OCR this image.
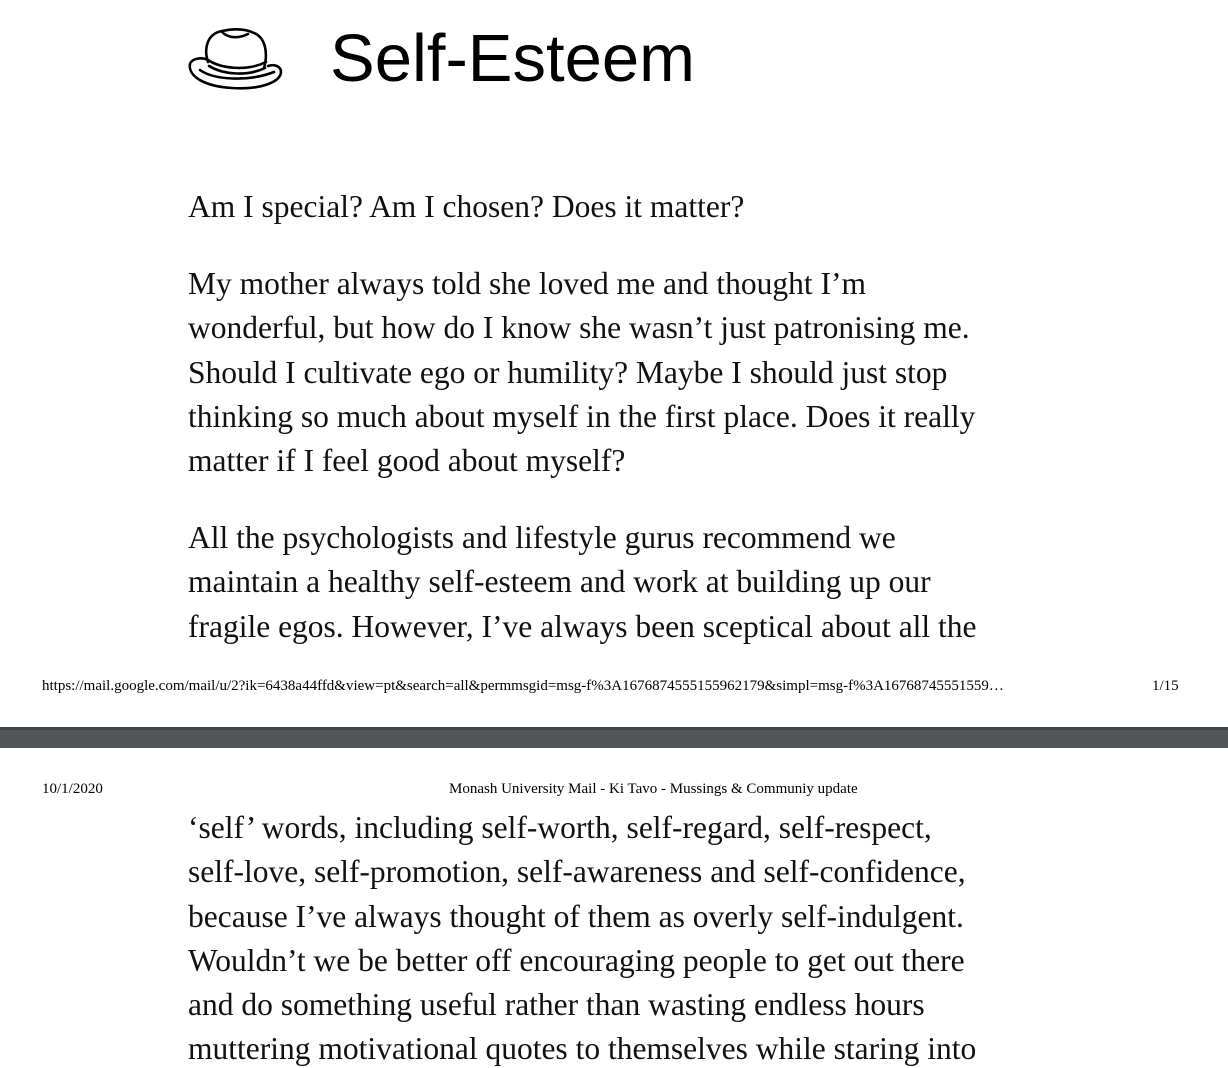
Self-Esteem

Am I special? Am I chosen? Does it matter?

My mother always told she loved me and thought I’m
wonderful, but how do I know she wasn’t just patronising me.
Should I cultivate ego or humility? Maybe I should just stop
thinking so much about myself in the first place. Does it really
matter if I feel good about myself?

All the psychologists and lifestyle gurus recommend we
maintain a healthy self-esteem and work at building up our
fragile egos. However, I’ve always been sceptical about all the

https://mail.google.com/mail/u/2?ik=6438a44ffd&view=pt&search=all&permmsgid=msg-f%3A1676874555155962179&simpl=msg-f%3A16768745551559…	1/15
10/1/2020	Monash University Mail - Ki Tavo - Mussings & Communiy update

‘self’ words, including self-worth, self-regard, self-respect,
self-love, self-promotion, self-awareness and self-confidence,
because I’ve always thought of them as overly self-indulgent.
Wouldn’t we be better off encouraging people to get out there
and do something useful rather than wasting endless hours
muttering motivational quotes to themselves while staring into
